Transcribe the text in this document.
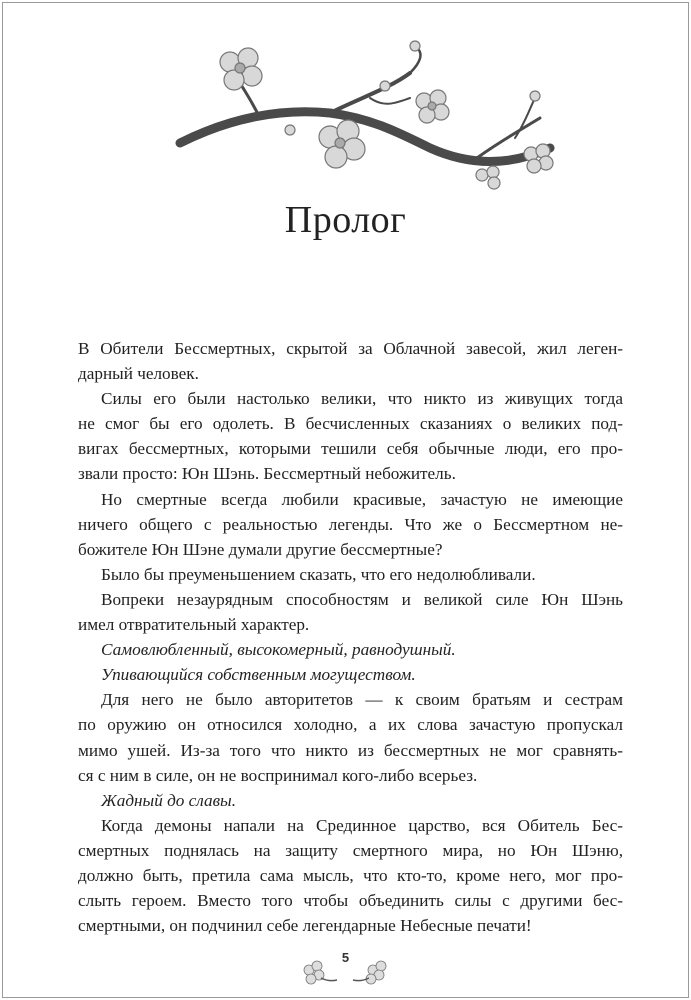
Пролог
В Обители Бессмертных, скрытой за Облачной завесой, жил леген-
дарный человек.
Силы его были настолько велики, что никто из живущих тогда
не смог бы его одолеть. В бесчисленных сказаниях о великих под-
вигах бессмертных, которыми тешили себя обычные люди, его про-
звали просто: Юн Шэнь. Бессмертный небожитель.
Но смертные всегда любили красивые, зачастую не имеющие
ничего общего с реальностью легенды. Что же о Бессмертном не-
божителе Юн Шэне думали другие бессмертные?
Было бы преуменьшением сказать, что его недолюбливали.
Вопреки незаурядным способностям и великой силе Юн Шэнь
имел отвратительный характер.
Самовлюбленный, высокомерный, равнодушный.
Упивающийся собственным могуществом.
Для него не было авторитетов — к своим братьям и сестрам
по оружию он относился холодно, а их слова зачастую пропускал
мимо ушей. Из-за того что никто из бессмертных не мог сравнять-
ся с ним в силе, он не воспринимал кого-либо всерьез.
Жадный до славы.
Когда демоны напали на Срединное царство, вся Обитель Бес-
смертных поднялась на защиту смертного мира, но Юн Шэню,
должно быть, претила сама мысль, что кто-то, кроме него, мог про-
слыть героем. Вместо того чтобы объединить силы с другими бес-
смертными, он подчинил себе легендарные Небесные печати!
5
